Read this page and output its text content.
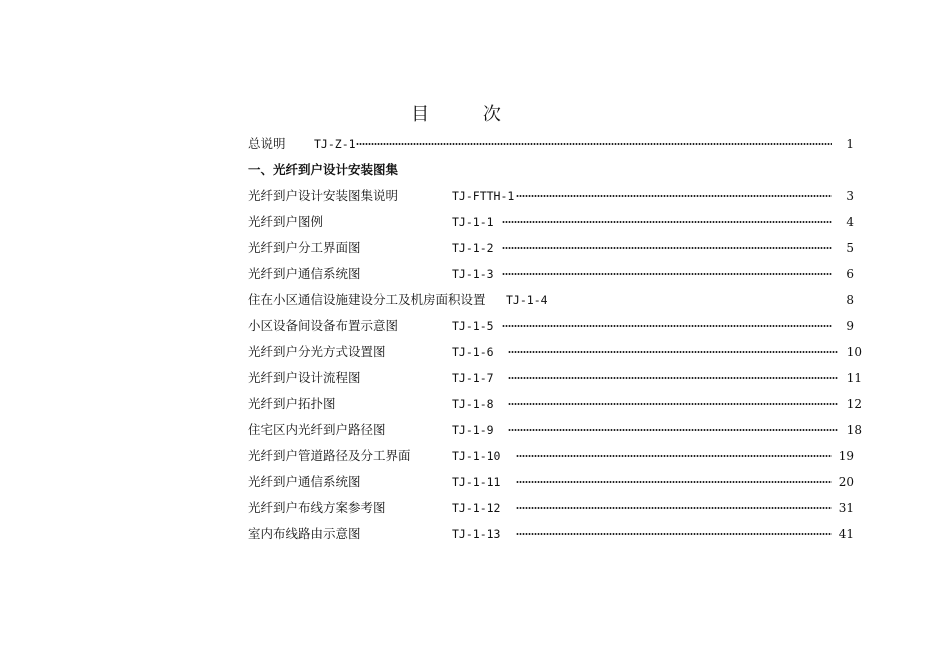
目 次
总说明 TJ-Z-1	1
一、光纤到户设计安装图集
光纤到户设计安装图集说明	TJ-FTTH-1	3
光纤到户图例	TJ-1-1	4
光纤到户分工界面图	TJ-1-2	5
光纤到户通信系统图	TJ-1-3	6
住在小区通信设施建设分工及机房面积设置 TJ-1-4	8
小区设备间设备布置示意图	TJ-1-5	9
光纤到户分光方式设置图	TJ-1-6	10
光纤到户设计流程图	TJ-1-7	11
光纤到户拓扑图	TJ-1-8	12
住宅区内光纤到户路径图	TJ-1-9	18
光纤到户管道路径及分工界面	TJ-1-10	19
光纤到户通信系统图	TJ-1-11	20
光纤到户布线方案参考图	TJ-1-12	31
室内布线路由示意图	TJ-1-13	41
